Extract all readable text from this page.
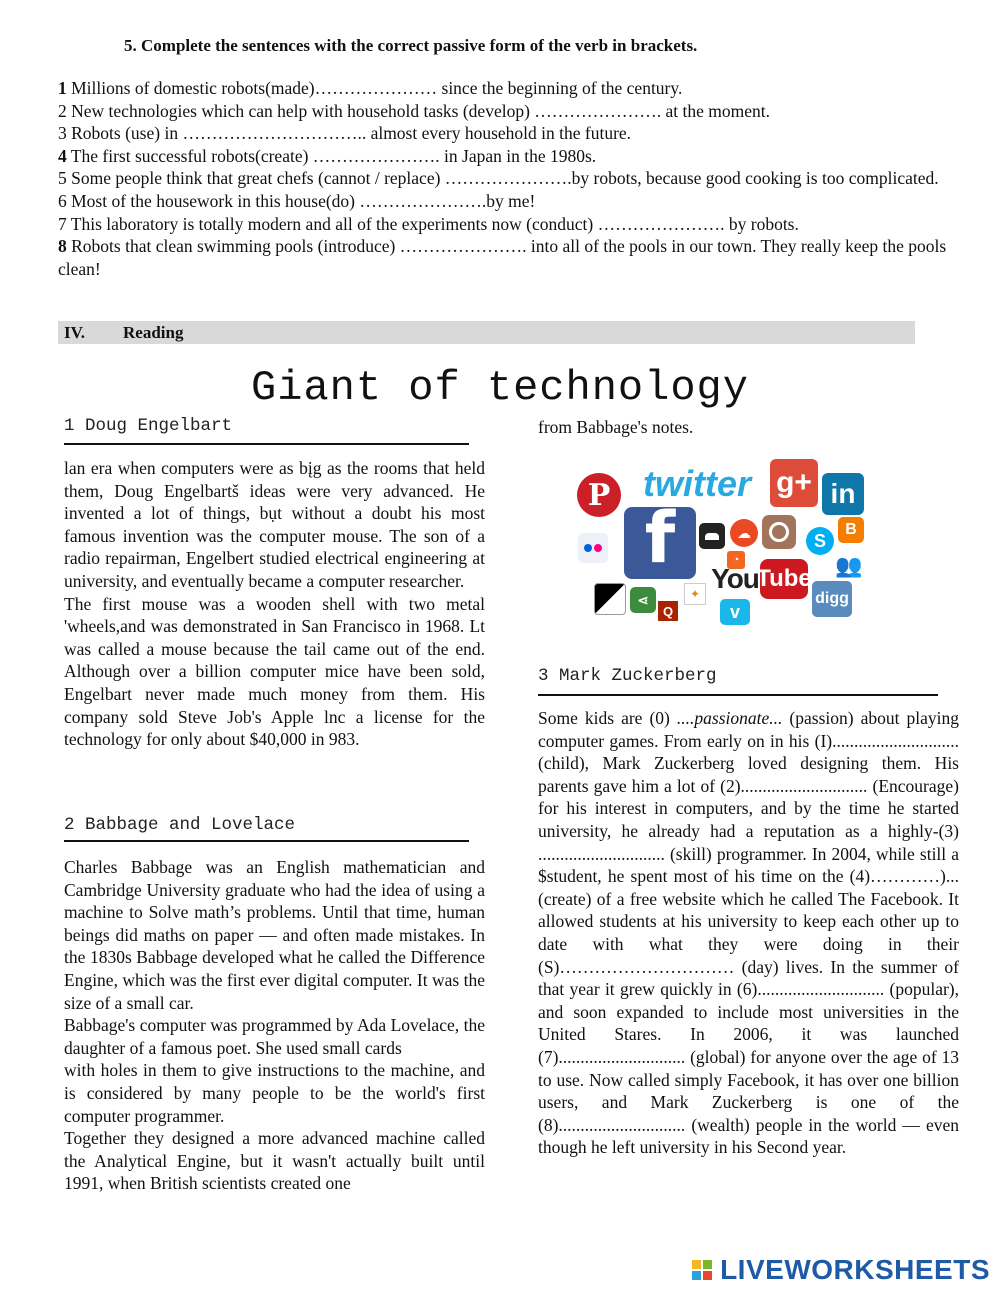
5. Complete the sentences with the correct passive form of the verb in brackets.
1 Millions of domestic robots(made)………………… since the beginning of the century.
2 New technologies which can help with household tasks (develop) …………………. at the moment.
3 Robots (use) in ………………………….. almost every household in the future.
4 The first successful robots(create) …………………. in Japan in the 1980s.
5 Some people think that great chefs (cannot / replace) ………………….by robots, because good cooking is too complicated.
6 Most of the housework in this house(do) ………………….by me!
7 This laboratory is totally modern and all of the experiments now (conduct) …………………. by robots.
8 Robots that clean swimming pools (introduce) …………………. into all of the pools in our town. They really keep the pools clean!
IV. Reading
Giant of technology
1 Doug Engelbart

lan era when computers were as bįg as the rooms that held them, Doug Engelbartš ideas were very advanced. He invented a lot of things, bụt without a doubt his most famous invention was the computer mouse. The son of a radio repairman, Engelbert studied electrical engineering at university, and eventually became a computer researcher.

The first mouse was a wooden shell with two metal 'wheels,and was demonstrated in San Francisco in 1968. Lt was called a mouse because the tail came out of the end. Although over a billion computer mice have been sold, Engelbart never made much money from them. His company sold Steve Job's Apple lnc a license for the technology for only about $40,000 in 983.

2 Babbage and Lovelace

Charles Babbage was an English mathematician and Cambridge University graduate who had the idea of using a machine to Solve math’s problems. Until that time, human beings did maths on paper — and often made mistakes. In the 1830s Babbage developed what he called the Difference Engine, which was the first ever digital computer. It was the size of a small car.

Babbage's computer was programmed by Ada Lovelace, the daughter of a famous poet. She used small cards

with holes in them to give instructions to the machine, and is considered by many people to be the world's first computer programmer.

Together they designed a more advanced machine called the Analytical Engine, but it wasn't actually built until 1991, when British scientists created one

from Babbage's notes.
P twitter g+ in
f	☁	S
B
◔
You
Tube 👥
⋖
Q
✦
v
digg
3 Mark Zuckerberg

Some kids are (0) ....passionate... (passion) about playing computer games. From early on in his (I)............................. (child), Mark Zuckerberg loved designing them. His parents gave him a lot of (2)............................. (Encourage) for his interest in computers, and by the time he started university, he already had a reputation as a highly-(3) ............................. (skill) programmer. In 2004, while still a $student, he spent most of his time on the (4)…………)... (create) of a free website which he called The Facebook. It allowed students at his university to keep each other up to date with what they were doing in their (S)………………………… (day) lives. In the summer of that year it grew quickly in (6)............................. (popular), and soon expanded to include most universities in the United Stares. In 2006, it was launched (7)............................. (global) for anyone over the age of 13 to use. Now called simply Facebook, it has over one billion users, and Mark Zuckerberg is one of the (8)............................. (wealth) people in the world — even though he left university in his Second year.

LIVEWORKSHEETS
